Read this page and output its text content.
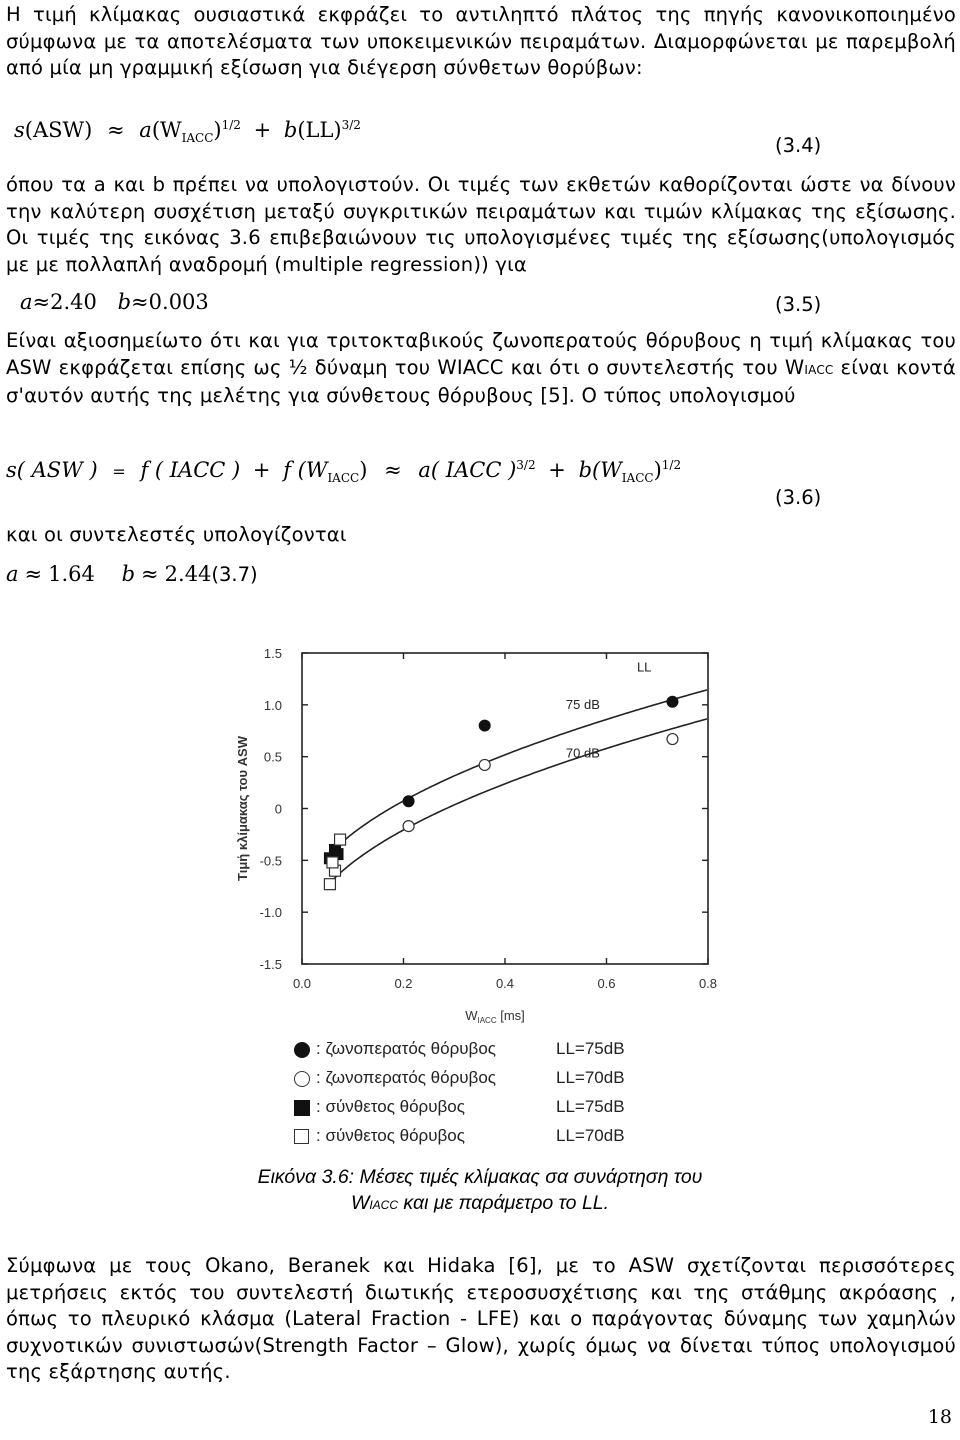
Η τιμή κλίμακας ουσιαστικά εκφράζει το αντιληπτό πλάτος της πηγής κανονικοποιημένο σύμφωνα με τα αποτελέσματα των υποκειμενικών πειραμάτων. Διαμορφώνεται με παρεμβολή από μία μη γραμμική εξίσωση για διέγερση σύνθετων θορύβων:
$s(ASW) \approx a(W_{IACC})^{1/2} + b(LL)^{3/2}$
(3.4)
όπου τα a και b πρέπει να υπολογιστούν. Οι τιμές των εκθετών καθορίζονται ώστε να δίνουν την καλύτερη συσχέτιση μεταξύ συγκριτικών πειραμάτων και τιμών κλίμακας της εξίσωσης. Οι τιμές της εικόνας 3.6 επιβεβαιώνουν τις υπολογισμένες τιμές της εξίσωσης(υπολογισμός με με πολλαπλή αναδρομή (multiple regression)) για
a≈2.40 b≈0.003	(3.5)
Είναι αξιοσημείωτο ότι και για τριτοκταβικούς ζωνοπερατούς θόρυβους η τιμή κλίμακας του ASW εκφράζεται επίσης ως ½ δύναμη του WIACC και ότι ο συντελεστής του WIACC είναι κοντά σ'αυτόν αυτής της μελέτης για σύνθετους θόρυβους [5]. Ο τύπος υπολογισμού
s( ASW ) = f ( IACC ) + f $(W_{IACC}) \approx a$( IACC )$^{3/2} + b(W_{IACC})^{1/2}$
(3.6)
και οι συντελεστές υπολογίζονται
a ≈ 1.64 b ≈ 2.44(3.7)
0.0	0.2	0.4	0.6	0.8
1.5
1.0
0.5
0
-0.5
-1.0
-1.5
$W_{IACC}$ [ms]
Τιμή κλίμακας του ASW
LL
75 dB
70 dB
: ζωνοπερατός θόρυβος	LL=75dB
: ζωνοπερατός θόρυβος	LL=70dB
: σύνθετος θόρυβος	LL=75dB
: σύνθετος θόρυβος	LL=70dB
Εικόνα 3.6: Μέσες τιμές κλίμακας σα συνάρτηση του
WIACC και με παράμετρο το LL.
Σύμφωνα με τους Okano, Beranek και Hidaka [6], με το ASW σχετίζονται περισσότερες μετρήσεις εκτός του συντελεστή διωτικής ετεροσυσχέτισης και της στάθμης ακρόασης , όπως το πλευρικό κλάσμα (Lateral Fraction - LFE) και ο παράγοντας δύναμης των χαμηλών συχνοτικών συνιστωσών(Strength Factor – Glow), χωρίς όμως να δίνεται τύπος υπολογισμού της εξάρτησης αυτής.
18
